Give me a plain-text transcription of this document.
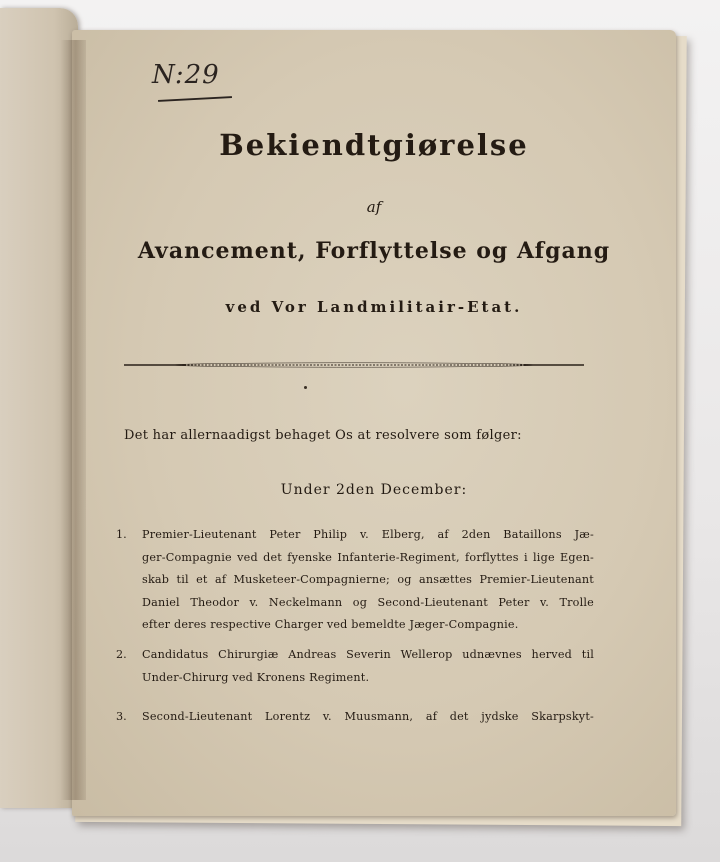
N:29
Bekiendtgiørelse
af
Avancement, Forflyttelse og Afgang
ved Vor Landmilitair-Etat.
Det har allernaadigst behaget Os at resolvere som følger:
Under 2den December:
1. Premier-Lieutenant Peter Philip v. Elberg, af 2den Bataillons Jæ-
ger-Compagnie ved det fyenske Infanterie-Regiment, forflyttes i lige Egen-
skab til et af Musketeer-Compagnierne; og ansættes Premier-Lieutenant
Daniel Theodor v. Neckelmann og Second-Lieutenant Peter v. Trolle
efter deres respective Charger ved bemeldte Jæger-Compagnie.
2. Candidatus Chirurgiæ Andreas Severin Wellerop udnævnes herved til
Under-Chirurg ved Kronens Regiment.
3. Second-Lieutenant Lorentz v. Muusmann, af det jydske Skarpskyt-
